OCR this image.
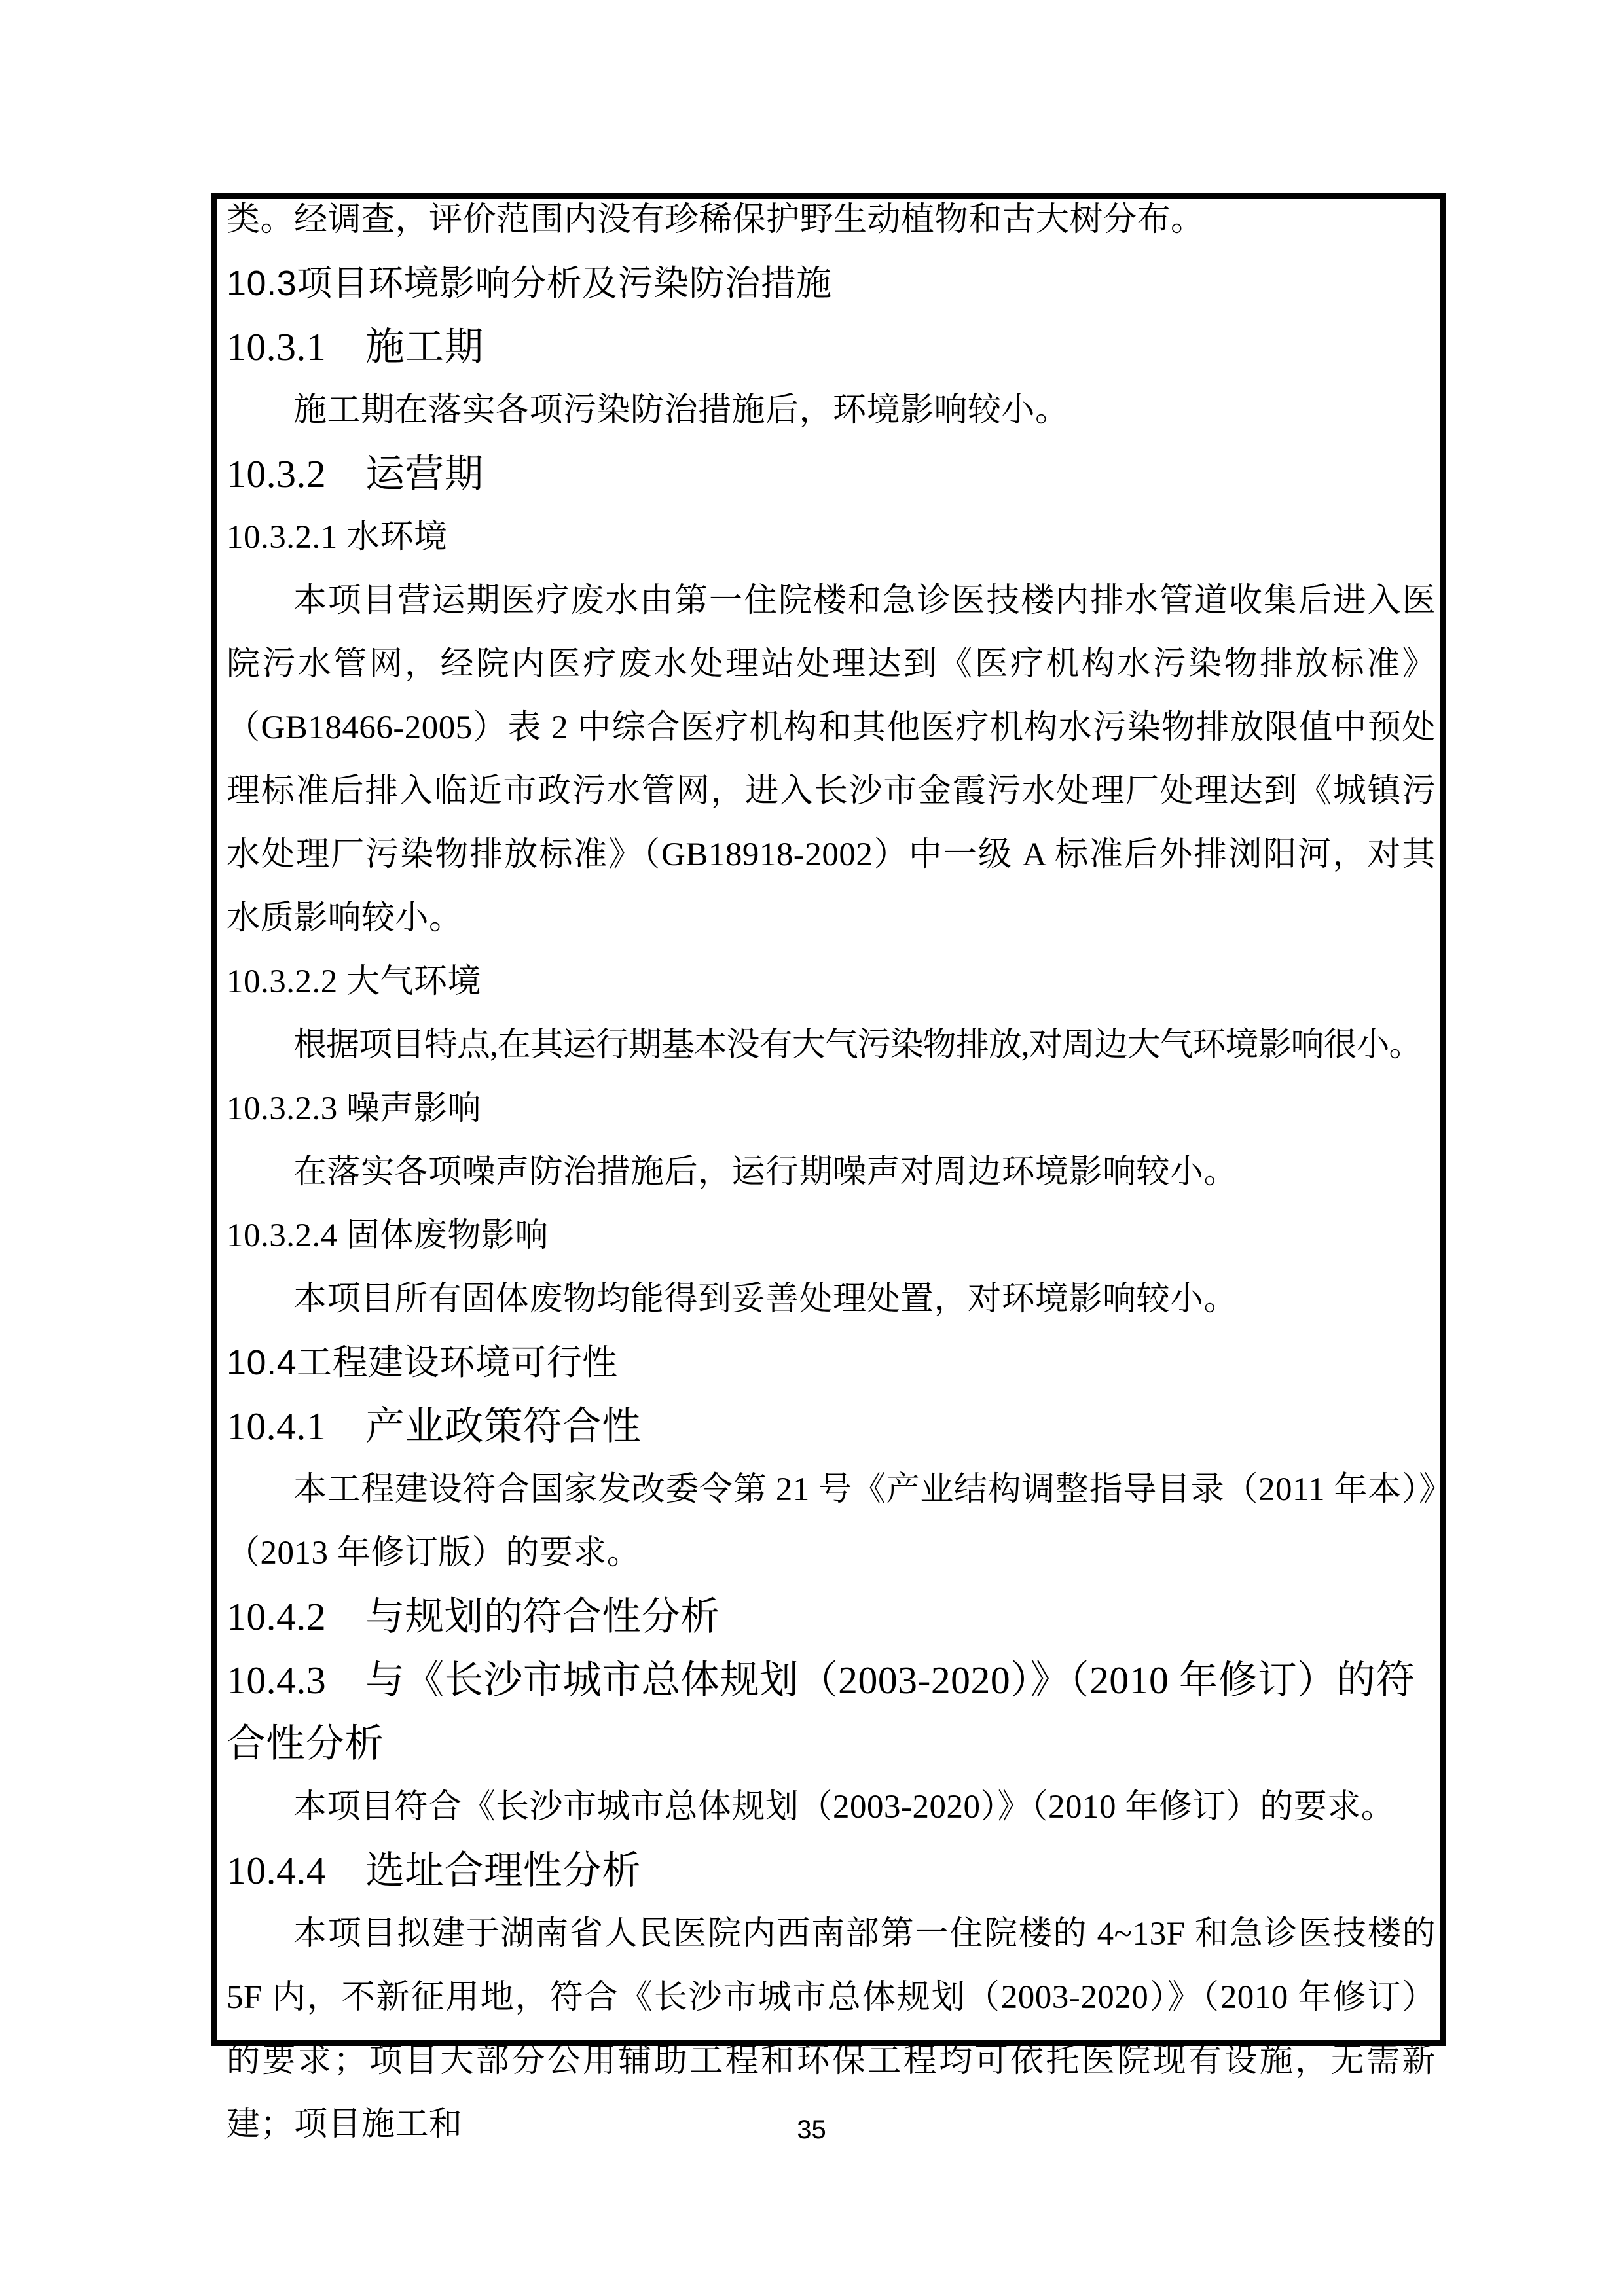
类。经调查，评价范围内没有珍稀保护野生动植物和古大树分布。

10.3项目环境影响分析及污染防治措施
10.3.1　施工期

施工期在落实各项污染防治措施后，环境影响较小。

10.3.2　运营期
10.3.2.1 水环境

本项目营运期医疗废水由第一住院楼和急诊医技楼内排水管道收集后进入医院污水管网，经院内医疗废水处理站处理达到《医疗机构水污染物排放标准》（GB18466-2005）表 2 中综合医疗机构和其他医疗机构水污染物排放限值中预处理标准后排入临近市政污水管网，进入长沙市金霞污水处理厂处理达到《城镇污水处理厂污染物排放标准》（GB18918-2002）中一级 A 标准后外排浏阳河，对其水质影响较小。

10.3.2.2 大气环境

根据项目特点,在其运行期基本没有大气污染物排放,对周边大气环境影响很小。

10.3.2.3 噪声影响

在落实各项噪声防治措施后，运行期噪声对周边环境影响较小。

10.3.2.4 固体废物影响

本项目所有固体废物均能得到妥善处理处置，对环境影响较小。

10.4工程建设环境可行性
10.4.1　产业政策符合性

本工程建设符合国家发改委令第 21 号《产业结构调整指导目录（2011 年本）》（2013 年修订版）的要求。

10.4.2　与规划的符合性分析
10.4.3　与《长沙市城市总体规划（2003-2020）》（2010 年修订）的符合性分析

本项目符合《长沙市城市总体规划（2003-2020）》（2010 年修订）的要求。

10.4.4　选址合理性分析

本项目拟建于湖南省人民医院内西南部第一住院楼的 4~13F 和急诊医技楼的 5F 内，不新征用地，符合《长沙市城市总体规划（2003-2020）》（2010 年修订）的要求；项目大部分公用辅助工程和环保工程均可依托医院现有设施，无需新建；项目施工和	35
